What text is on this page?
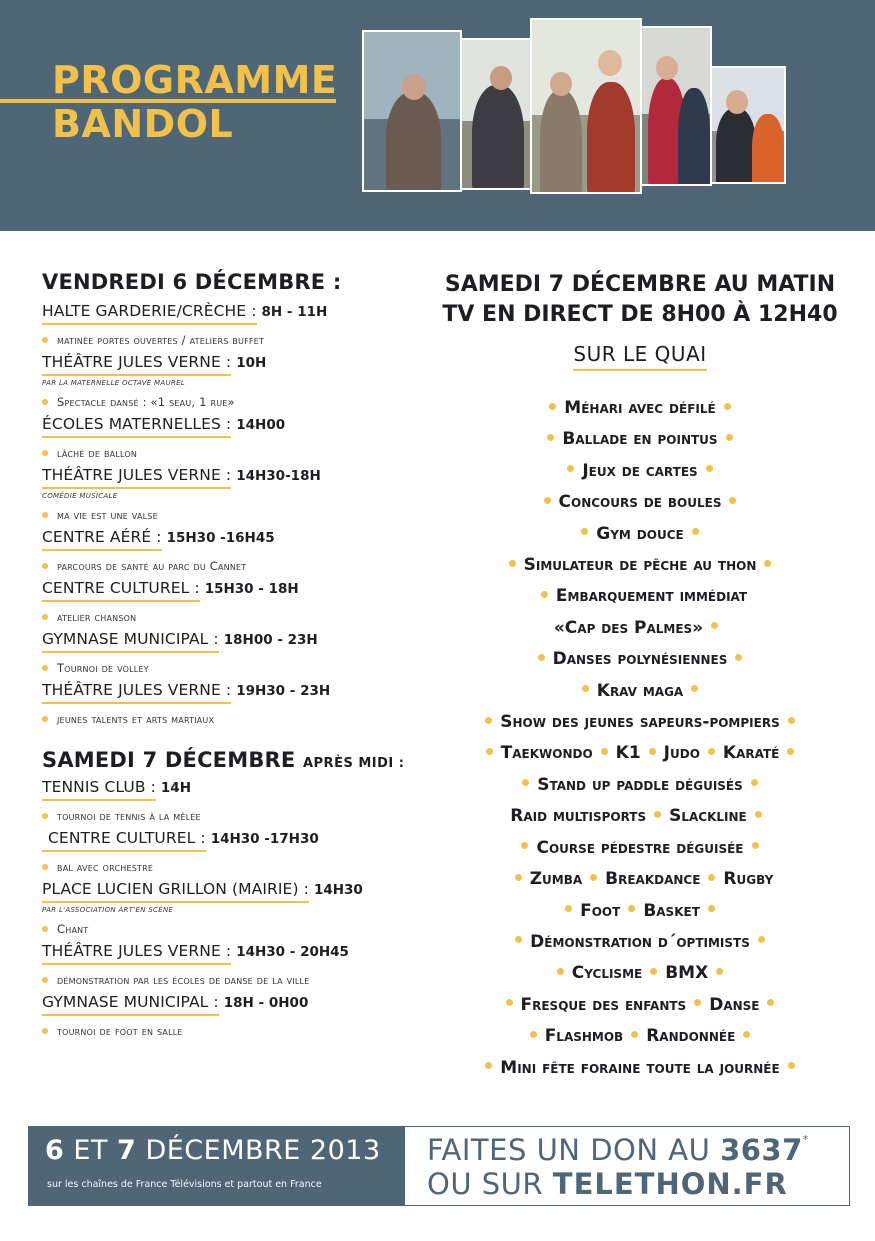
PROGRAMME
BANDOL
VENDREDI 6 DÉCEMBRE :
HALTE GARDERIE/CRÈCHE : 8H - 11H
matinée portes ouvertes / ateliers buffet
THÉÂTRE JULES VERNE : 10H
PAR LA MATERNELLE OCTAVE MAUREL
Spectacle dansé : «1 seau, 1 rue»
ÉCOLES MATERNELLES : 14H00
lâché de ballon
THÉÂTRE JULES VERNE : 14H30-18H
COMÉDIE MUSICALE
ma vie est une valse
CENTRE AÉRÉ : 15H30 -16H45
parcours de santé au parc du Cannet
CENTRE CULTUREL : 15H30 - 18H
atelier chanson
GYMNASE MUNICIPAL : 18H00 - 23H
Tournoi de volley
THÉÂTRE JULES VERNE : 19H30 - 23H
jeunes talents et arts martiaux
SAMEDI 7 DÉCEMBRE APRÈS MIDI :
TENNIS CLUB : 14H
tournoi de tennis à la mêlée
CENTRE CULTUREL : 14H30 -17H30
bal avec orchestre
PLACE LUCIEN GRILLON (MAIRIE) : 14H30
PAR L'ASSOCIATION ART'EN SCÈNE
Chant
THÉÂTRE JULES VERNE : 14H30 - 20H45
démonstration par les écoles de danse de la ville
GYMNASE MUNICIPAL : 18H - 0H00
tournoi de foot en salle
SAMEDI 7 DÉCEMBRE AU MATIN
TV EN DIRECT DE 8H00 À 12H40
SUR LE QUAI
Méhari avec défilé
Ballade en pointus
Jeux de cartes
Concours de boules
Gym douce
Simulateur de pêche au thon
Embarquement immédiat
«Cap des Palmes»
Danses polynésiennes
Krav maga
Show des jeunes sapeurs-pompiers
Taekwondo K1 Judo Karaté
Stand up paddle déguisés
Raid multisports Slackline
Course pédestre déguisée
Zumba Breakdance Rugby
Foot Basket
Démonstration d´optimists
Cyclisme BMX
Fresque des enfants Danse
Flashmob Randonnée
Mini fête foraine toute la journée
6 ET 7 DÉCEMBRE 2013
sur les chaînes de France Télévisions et partout en France
FAITES UN DON AU 3637*
OU SUR TELETHON.FR
